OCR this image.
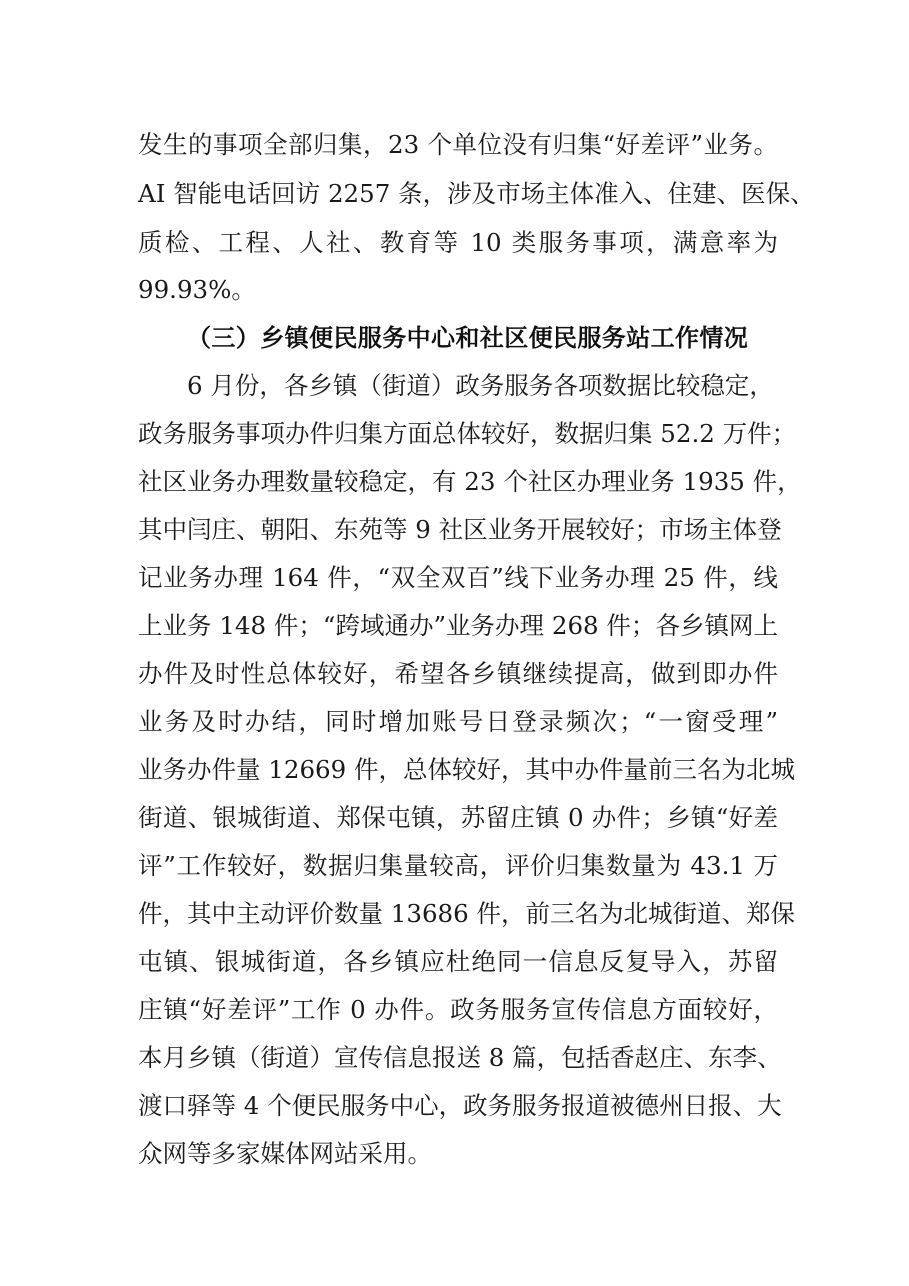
发生的事项全部归集，23 个单位没有归集“好差评”业务。
AI 智能电话回访 2257 条，涉及市场主体准入、住建、医保、
质检、工程、人社、教育等 10 类服务事项，满意率为
99.93%。
（三）乡镇便民服务中心和社区便民服务站工作情况
6 月份，各乡镇（街道）政务服务各项数据比较稳定，
政务服务事项办件归集方面总体较好，数据归集 52.2 万件；
社区业务办理数量较稳定，有 23 个社区办理业务 1935 件，
其中闫庄、朝阳、东苑等 9 社区业务开展较好；市场主体登
记业务办理 164 件，“双全双百”线下业务办理 25 件，线
上业务 148 件；“跨域通办”业务办理 268 件；各乡镇网上
办件及时性总体较好，希望各乡镇继续提高，做到即办件
业务及时办结，同时增加账号日登录频次；“一窗受理”
业务办件量 12669 件，总体较好，其中办件量前三名为北城
街道、银城街道、郑保屯镇，苏留庄镇 0 办件；乡镇“好差
评”工作较好，数据归集量较高，评价归集数量为 43.1 万
件，其中主动评价数量 13686 件，前三名为北城街道、郑保
屯镇、银城街道，各乡镇应杜绝同一信息反复导入，苏留
庄镇“好差评”工作 0 办件。政务服务宣传信息方面较好，
本月乡镇（街道）宣传信息报送 8 篇，包括香赵庄、东李、
渡口驿等 4 个便民服务中心，政务服务报道被德州日报、大
众网等多家媒体网站采用。
